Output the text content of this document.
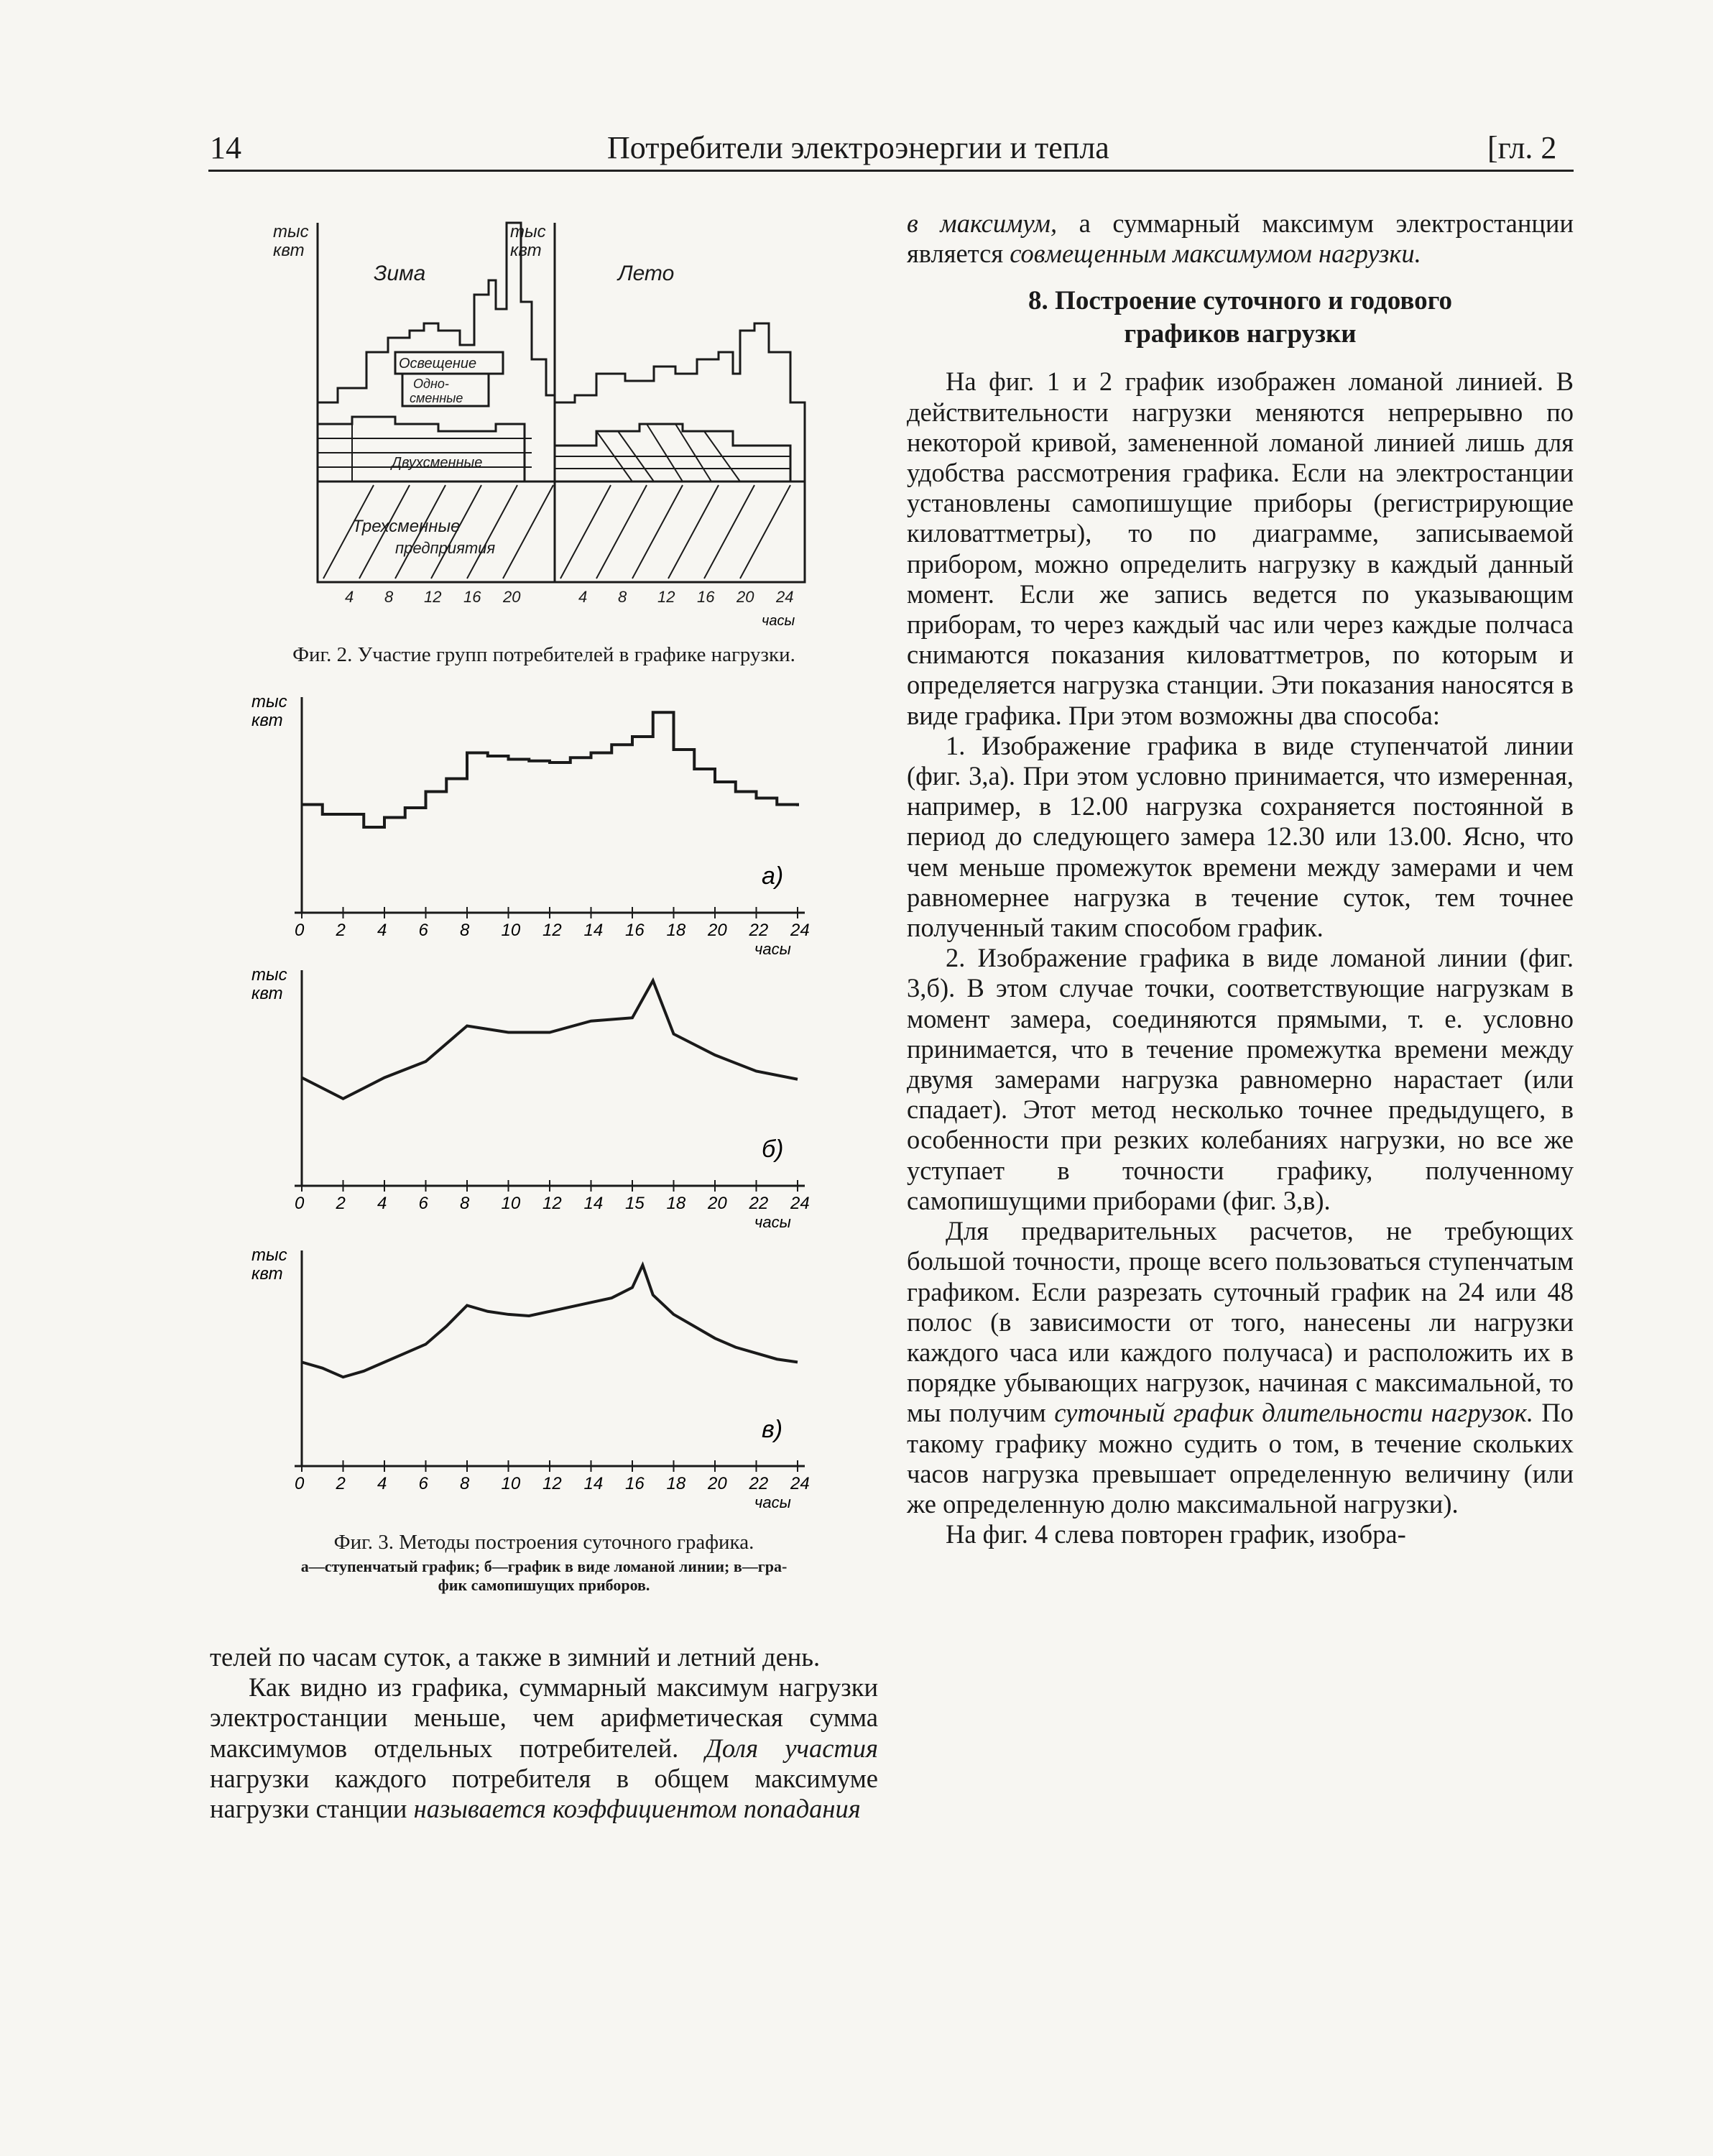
14	Потребители электроэнергии и тепла	[гл. 2
тыс
квт
тыс
квт
Зима	Лето
Освещение
Одно-
сменные
Двухсменные
Трехсменные
предприятия
4 8 12 16 20	4 8 12 16 20 24
часы
Фиг. 2. Участие групп потребителей в графике нагрузки.
тыс
квт
0 2 4 6 8 10 12 14 16 18 20 22 24
часы
а)
тыс
квт
0 2 4 6 8 10 12 14 15 18 20 22 24
часы
б)
тыс
квт
0 2 4 6 8 10 12 14 16 18 20 22 24
часы
в)
Фиг. 3. Методы построения суточного графика.
а—ступенчатый график; б—график в виде ломаной линии; в—гра-
фик самопишущих приборов.

телей по часам суток, а также в зимний и летний день.

Как видно из графика, суммарный максимум нагрузки электростанции меньше, чем арифметическая сумма максимумов отдельных потребителей. Доля участия нагрузки каждого потребителя в общем максимуме нагрузки станции называется коэффициентом попадания

в максимум, а суммарный максимум электростанции является совмещенным максимумом нагрузки.

8. Построение суточного и годового графиков нагрузки

На фиг. 1 и 2 график изображен ломаной линией. В действительности нагрузки меняются непрерывно по некоторой кривой, замененной ломаной линией лишь для удобства рассмотрения графика. Если на электростанции установлены самопишущие приборы (регистрирующие киловаттметры), то по диаграмме, записываемой прибором, можно определить нагрузку в каждый данный момент. Если же запись ведется по указывающим приборам, то через каждый час или через каждые полчаса снимаются показания киловаттметров, по которым и определяется нагрузка станции. Эти показания наносятся в виде графика. При этом возможны два способа:

1. Изображение графика в виде ступенчатой линии (фиг. 3,а). При этом условно принимается, что измеренная, например, в 12.00 нагрузка сохраняется постоянной в период до следующего замера 12.30 или 13.00. Ясно, что чем меньше промежуток времени между замерами и чем равномернее нагрузка в течение суток, тем точнее полученный таким способом график.

2. Изображение графика в виде ломаной линии (фиг. 3,б). В этом случае точки, соответствующие нагрузкам в момент замера, соединяются прямыми, т. е. условно принимается, что в течение промежутка времени между двумя замерами нагрузка равномерно нарастает (или спадает). Этот метод несколько точнее предыдущего, в особенности при резких колебаниях нагрузки, но все же уступает в точности графику, полученному самопишущими приборами (фиг. 3,в).

Для предварительных расчетов, не требующих большой точности, проще всего пользоваться ступенчатым графиком. Если разрезать суточный график на 24 или 48 полос (в зависимости от того, нанесены ли нагрузки каждого часа или каждого получаса) и расположить их в порядке убывающих нагрузок, начиная с максимальной, то мы получим суточный график длительности нагрузок. По такому графику можно судить о том, в течение скольких часов нагрузка превышает определенную величину (или же определенную долю максимальной нагрузки).

На фиг. 4 слева повторен график, изобра-
